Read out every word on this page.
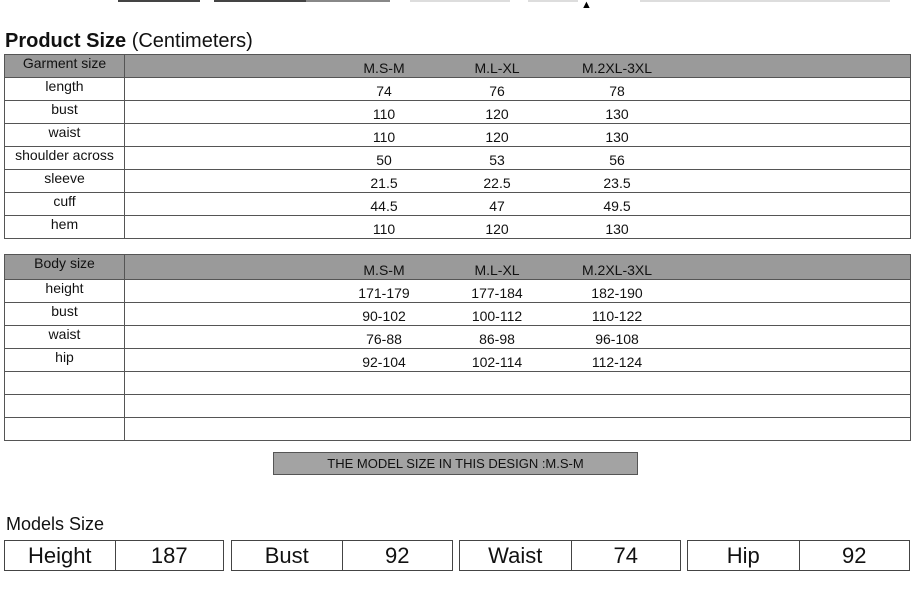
▲
Product Size (Centimeters)
Garment size	M.S-M M.L-XL M.2XL-3XL

length	74 76 78

bust	110 120 130

waist	110 120 130

shoulder across	50 53 56

sleeve	21.5 22.5 23.5

cuff	44.5 47 49.5

hem	110 120 130
Body size	M.S-M M.L-XL M.2XL-3XL

height	171-179 177-184 182-190

bust	90-102 100-112 110-122

waist	76-88 86-98 96-108

hip	92-104 102-114 112-124

THE MODEL SIZE IN THIS DESIGN :M.S-M
Models Size
Height	187	Bust	92	Waist	74	Hip	92
